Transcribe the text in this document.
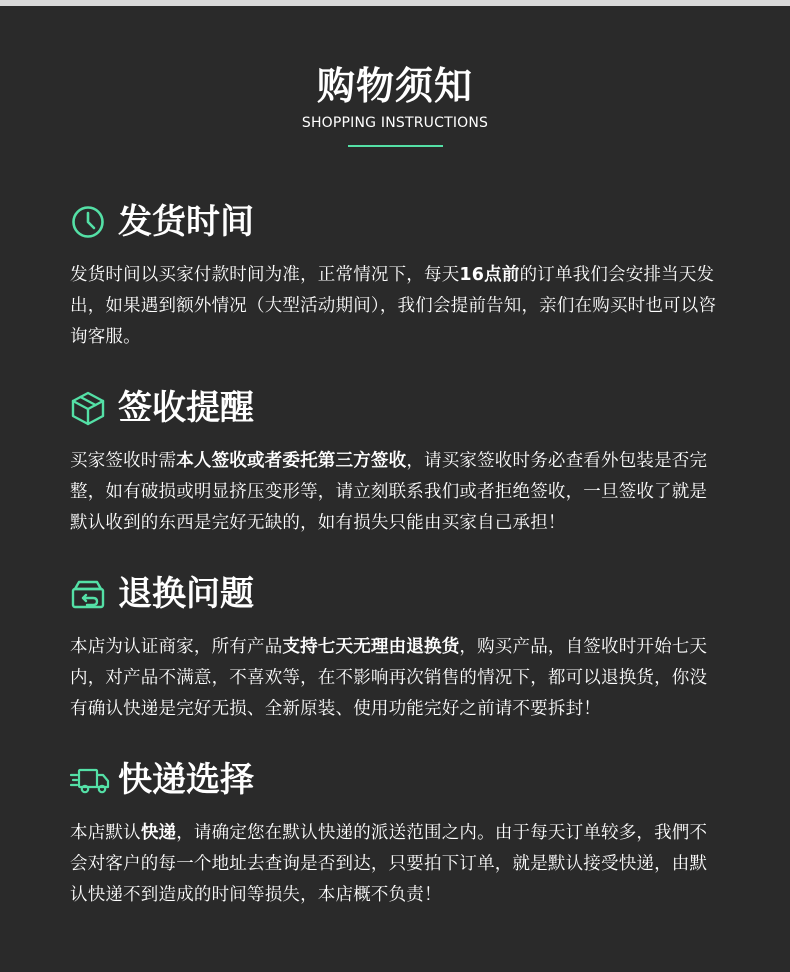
购物须知
SHOPPING INSTRUCTIONS
发货时间
发货时间以买家付款时间为准，正常情况下，每天16点前的订单我们会安排当天发出，如果遇到额外情况（大型活动期间），我们会提前告知，亲们在购买时也可以咨询客服。
签收提醒
买家签收时需本人签收或者委托第三方签收，请买家签收时务必查看外包装是否完整，如有破损或明显挤压变形等，请立刻联系我们或者拒绝签收，一旦签收了就是默认收到的东西是完好无缺的，如有损失只能由买家自己承担！
退换问题
本店为认证商家，所有产品支持七天无理由退换货，购买产品，自签收时开始七天内，对产品不满意，不喜欢等，在不影响再次销售的情况下，都可以退换货，你没有确认快递是完好无损、全新原装、使用功能完好之前请不要拆封！
快递选择
本店默认快递，请确定您在默认快递的派送范围之内。由于每天订单较多，我們不会对客户的每一个地址去查询是否到达，只要拍下订单，就是默认接受快递，由默认快递不到造成的时间等损失，本店概不负责！
